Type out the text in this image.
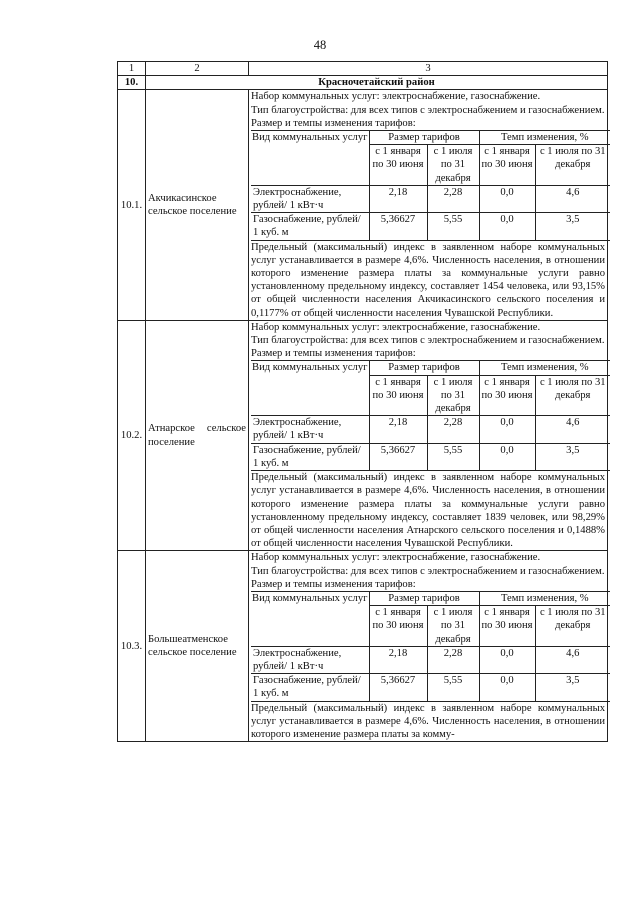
48
1	2	3
10.	Красночетайский район
10.1.	Акчикасинское сельское поселение	

Набор коммунальных услуг: электроснабжение, газоснабжение.

Тип благоустройства: для всех типов с электроснабжением и газоснабжением.

Размер и темпы изменения тарифов:

Вид коммунальных услуг	Размер тарифов	Темп изменения, %
с 1 января по 30 июня	с 1 июля по 31 декабря	с 1 января по 30 июня	с 1 июля по 31 декабря
Электроснабжение, рублей/ 1 кВт·ч	2,18	2,28	0,0	4,6
Газоснабжение, рублей/ 1 куб. м	5,36627	5,55	0,0	3,5

Предельный (максимальный) индекс в заявленном наборе коммунальных услуг устанавливается в размере 4,6%. Численность населения, в отношении которого изменение размера платы за коммунальные услуги равно установленному предельному индексу, составляет 1454 человека, или 93,15% от общей численности населения Акчикасинского сельского поселения и 0,1177% от общей численности населения Чувашской Республики.

10.2.	Атнарское сельское поселение	

Набор коммунальных услуг: электроснабжение, газоснабжение.

Тип благоустройства: для всех типов с электроснабжением и газоснабжением.

Размер и темпы изменения тарифов:

Вид коммунальных услуг	Размер тарифов	Темп изменения, %
с 1 января по 30 июня	с 1 июля по 31 декабря	с 1 января по 30 июня	с 1 июля по 31 декабря
Электроснабжение, рублей/ 1 кВт·ч	2,18	2,28	0,0	4,6
Газоснабжение, рублей/ 1 куб. м	5,36627	5,55	0,0	3,5

Предельный (максимальный) индекс в заявленном наборе коммунальных услуг устанавливается в размере 4,6%. Численность населения, в отношении которого изменение размера платы за коммунальные услуги равно установленному предельному индексу, составляет 1839 человек, или 98,29% от общей численности населения Атнарского сельского поселения и 0,1488% от общей численности населения Чувашской Республики.

10.3.	Большеатменское сельское поселение	

Набор коммунальных услуг: электроснабжение, газоснабжение.

Тип благоустройства: для всех типов с электроснабжением и газоснабжением.

Размер и темпы изменения тарифов:

Вид коммунальных услуг	Размер тарифов	Темп изменения, %
с 1 января по 30 июня	с 1 июля по 31 декабря	с 1 января по 30 июня	с 1 июля по 31 декабря
Электроснабжение, рублей/ 1 кВт·ч	2,18	2,28	0,0	4,6
Газоснабжение, рублей/ 1 куб. м	5,36627	5,55	0,0	3,5

Предельный (максимальный) индекс в заявленном наборе коммунальных услуг устанавливается в размере 4,6%. Численность населения, в отношении которого изменение размера платы за комму-
